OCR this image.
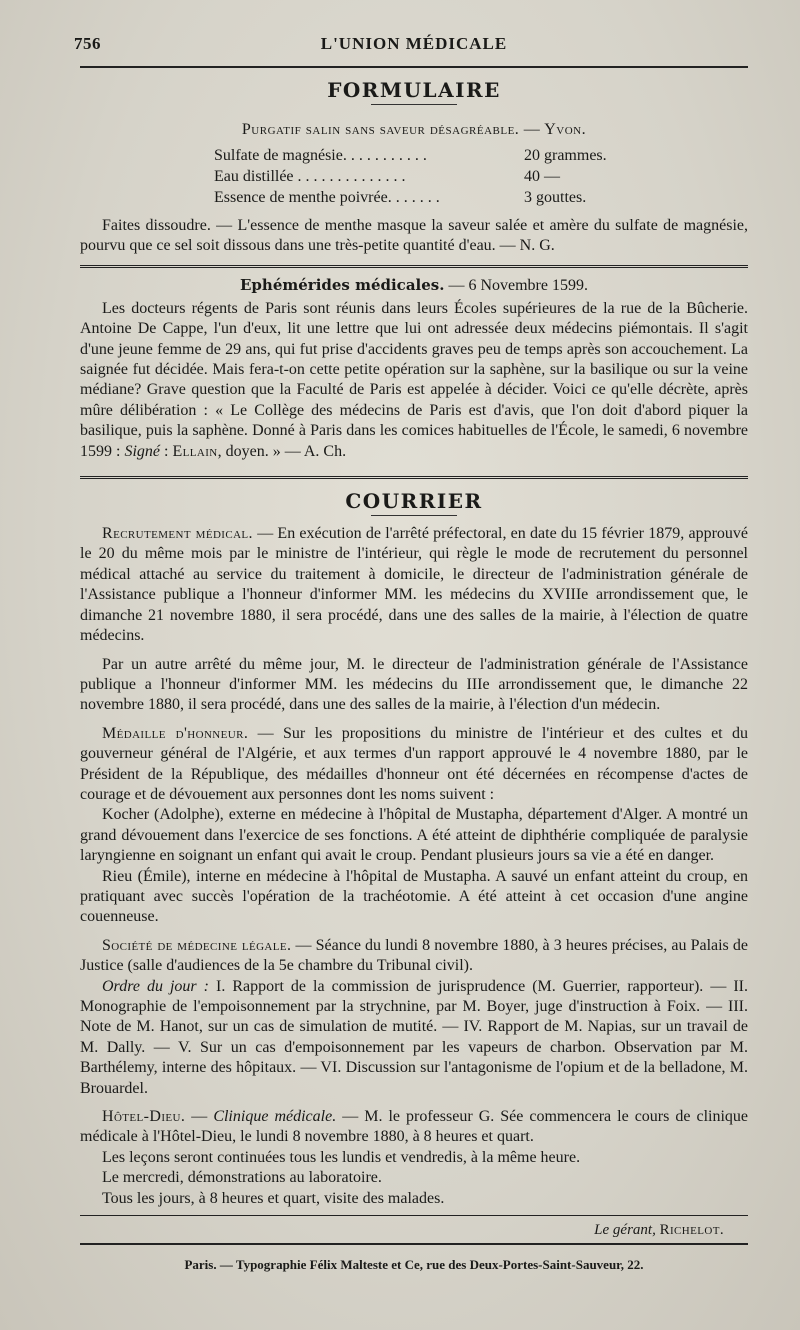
756	L'UNION MÉDICALE
FORMULAIRE
Purgatif salin sans saveur désagréable. — Yvon.
Sulfate de magnésie. . . . . . . . . . .	20 grammes.
Eau distillée . . . . . . . . . . . . . .	40 —
Essence de menthe poivrée. . . . . . .	3 gouttes.

Faites dissoudre. — L'essence de menthe masque la saveur salée et amère du sulfate de magnésie, pourvu que ce sel soit dissous dans une très-petite quantité d'eau. — N. G.

Ephémérides médicales. — 6 Novembre 1599.

Les docteurs régents de Paris sont réunis dans leurs Écoles supérieures de la rue de la Bûcherie. Antoine De Cappe, l'un d'eux, lit une lettre que lui ont adressée deux médecins piémontais. Il s'agit d'une jeune femme de 29 ans, qui fut prise d'accidents graves peu de temps après son accouchement. La saignée fut décidée. Mais fera-t-on cette petite opération sur la saphène, sur la basilique ou sur la veine médiane? Grave question que la Faculté de Paris est appelée à décider. Voici ce qu'elle décrète, après mûre délibération : « Le Collège des médecins de Paris est d'avis, que l'on doit d'abord piquer la basilique, puis la saphène. Donné à Paris dans les comices habituelles de l'École, le samedi, 6 novembre 1599 : Signé : Ellain, doyen. » — A. Ch.

COURRIER

Recrutement médical. — En exécution de l'arrêté préfectoral, en date du 15 février 1879, approuvé le 20 du même mois par le ministre de l'intérieur, qui règle le mode de recrutement du personnel médical attaché au service du traitement à domicile, le directeur de l'administration générale de l'Assistance publique a l'honneur d'informer MM. les médecins du XVIIIe arrondissement que, le dimanche 21 novembre 1880, il sera procédé, dans une des salles de la mairie, à l'élection de quatre médecins.

Par un autre arrêté du même jour, M. le directeur de l'administration générale de l'Assistance publique a l'honneur d'informer MM. les médecins du IIIe arrondissement que, le dimanche 22 novembre 1880, il sera procédé, dans une des salles de la mairie, à l'élection d'un médecin.

Médaille d'honneur. — Sur les propositions du ministre de l'intérieur et des cultes et du gouverneur général de l'Algérie, et aux termes d'un rapport approuvé le 4 novembre 1880, par le Président de la République, des médailles d'honneur ont été décernées en récompense d'actes de courage et de dévouement aux personnes dont les noms suivent :

Kocher (Adolphe), externe en médecine à l'hôpital de Mustapha, département d'Alger. A montré un grand dévouement dans l'exercice de ses fonctions. A été atteint de diphthérie compliquée de paralysie laryngienne en soignant un enfant qui avait le croup. Pendant plusieurs jours sa vie a été en danger.

Rieu (Émile), interne en médecine à l'hôpital de Mustapha. A sauvé un enfant atteint du croup, en pratiquant avec succès l'opération de la trachéotomie. A été atteint à cet occasion d'une angine couenneuse.

Société de médecine légale. — Séance du lundi 8 novembre 1880, à 3 heures précises, au Palais de Justice (salle d'audiences de la 5e chambre du Tribunal civil).

Ordre du jour : I. Rapport de la commission de jurisprudence (M. Guerrier, rapporteur). — II. Monographie de l'empoisonnement par la strychnine, par M. Boyer, juge d'instruction à Foix. — III. Note de M. Hanot, sur un cas de simulation de mutité. — IV. Rapport de M. Napias, sur un travail de M. Dally. — V. Sur un cas d'empoisonnement par les vapeurs de charbon. Observation par M. Barthélemy, interne des hôpitaux. — VI. Discussion sur l'antagonisme de l'opium et de la belladone, M. Brouardel.

Hôtel-Dieu. — Clinique médicale. — M. le professeur G. Sée commencera le cours de clinique médicale à l'Hôtel-Dieu, le lundi 8 novembre 1880, à 8 heures et quart.

Les leçons seront continuées tous les lundis et vendredis, à la même heure.

Le mercredi, démonstrations au laboratoire.

Tous les jours, à 8 heures et quart, visite des malades.

Le gérant, Richelot.
Paris. — Typographie Félix Malteste et Ce, rue des Deux-Portes-Saint-Sauveur, 22.
